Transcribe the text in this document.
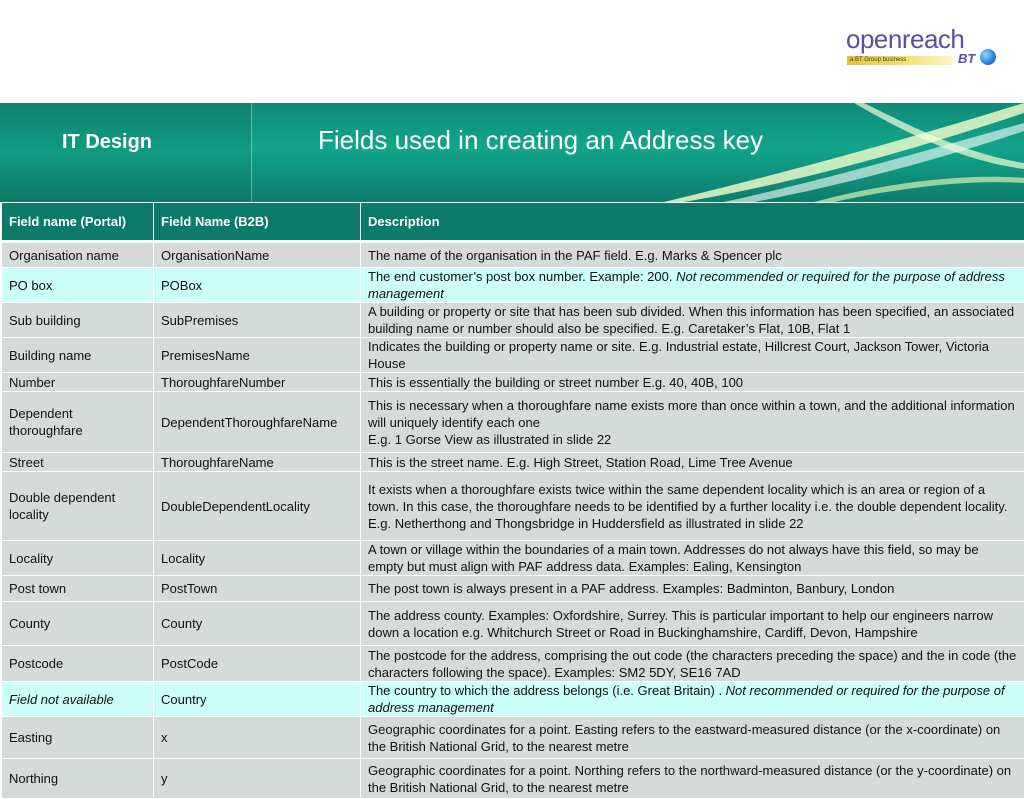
openreach
a BT Group business	BT
IT Design	Fields used in creating an Address key
Field name (Portal)	Field Name (B2B)	Description
Organisation name	OrganisationName	The name of the organisation in the PAF field. E.g. Marks & Spencer plc
PO box	POBox	The end customer’s post box number. Example: 200. Not recommended or required for the purpose of address management
Sub building	SubPremises	A building or property or site that has been sub divided. When this information has been specified, an associated building name or number should also be specified. E.g. Caretaker’s Flat, 10B, Flat 1
Building name	PremisesName	Indicates the building or property name or site. E.g. Industrial estate, Hillcrest Court, Jackson Tower, Victoria House
Number	ThoroughfareNumber	This is essentially the building or street number E.g. 40, 40B, 100
Dependent thoroughfare	DependentThoroughfareName	This is necessary when a thoroughfare name exists more than once within a town, and the additional information will uniquely identify each one
E.g. 1 Gorse View as illustrated in slide 22

Street	ThoroughfareName	This is the street name. E.g. High Street, Station Road, Lime Tree Avenue
Double dependent locality	DoubleDependentLocality	It exists when a thoroughfare exists twice within the same dependent locality which is an area or region of a town. In this case, the thoroughfare needs to be identified by a further locality i.e. the double dependent locality.
E.g. Netherthong and Thongsbridge in Huddersfield as illustrated in slide 22

Locality	Locality	A town or village within the boundaries of a main town. Addresses do not always have this field, so may be empty but must align with PAF address data. Examples: Ealing, Kensington
Post town	PostTown	The post town is always present in a PAF address. Examples: Badminton, Banbury, London
County	County	The address county. Examples: Oxfordshire, Surrey. This is particular important to help our engineers narrow down a location e.g. Whitchurch Street or Road in Buckinghamshire, Cardiff, Devon, Hampshire
Postcode	PostCode	The postcode for the address, comprising the out code (the characters preceding the space) and the in code (the characters following the space). Examples: SM2 5DY, SE16 7AD
Field not available	Country	The country to which the address belongs (i.e. Great Britain) . Not recommended or required for the purpose of address management
Easting	x	Geographic coordinates for a point. Easting refers to the eastward-measured distance (or the x-coordinate) on the British National Grid, to the nearest metre
Northing	y	Geographic coordinates for a point. Northing refers to the northward-measured distance (or the y-coordinate) on the British National Grid, to the nearest metre
